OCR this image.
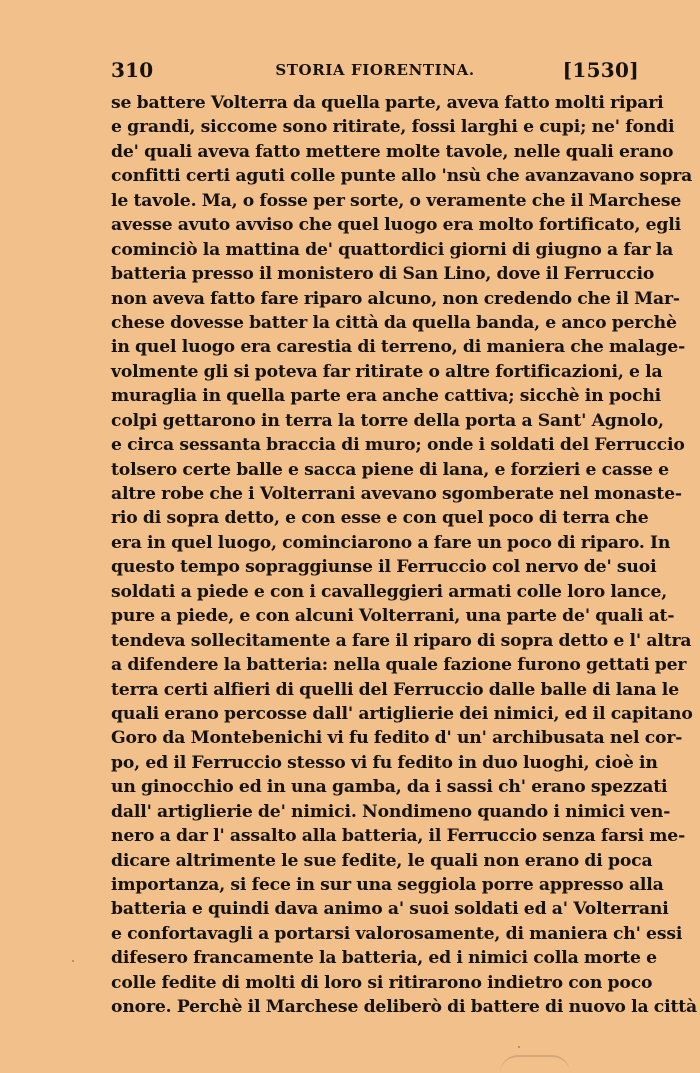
310	STORIA FIORENTINA.	[1530]
se battere Volterra da quella parte, aveva fatto molti ripari
e grandi, siccome sono ritirate, fossi larghi e cupi; ne' fondi
de' quali aveva fatto mettere molte tavole, nelle quali erano
confitti certi aguti colle punte allo 'nsù che avanzavano sopra
le tavole. Ma, o fosse per sorte, o veramente che il Marchese
avesse avuto avviso che quel luogo era molto fortificato, egli
cominciò la mattina de' quattordici giorni di giugno a far la
batteria presso il monistero di San Lino, dove il Ferruccio
non aveva fatto fare riparo alcuno, non credendo che il Mar-
chese dovesse batter la città da quella banda, e anco perchè
in quel luogo era carestia di terreno, di maniera che malage-
volmente gli si poteva far ritirate o altre fortificazioni, e la
muraglia in quella parte era anche cattiva; sicchè in pochi
colpi gettarono in terra la torre della porta a Sant' Agnolo,
e circa sessanta braccia di muro; onde i soldati del Ferruccio
tolsero certe balle e sacca piene di lana, e forzieri e casse e
altre robe che i Volterrani avevano sgomberate nel monaste-
rio di sopra detto, e con esse e con quel poco di terra che
era in quel luogo, cominciarono a fare un poco di riparo. In
questo tempo sopraggiunse il Ferruccio col nervo de' suoi
soldati a piede e con i cavalleggieri armati colle loro lance,
pure a piede, e con alcuni Volterrani, una parte de' quali at-
tendeva sollecitamente a fare il riparo di sopra detto e l' altra
a difendere la batteria: nella quale fazione furono gettati per
terra certi alfieri di quelli del Ferruccio dalle balle di lana le
quali erano percosse dall' artiglierie dei nimici, ed il capitano
Goro da Montebenichi vi fu fedito d' un' archibusata nel cor-
po, ed il Ferruccio stesso vi fu fedito in duo luoghi, cioè in
un ginocchio ed in una gamba, da i sassi ch' erano spezzati
dall' artiglierie de' nimici. Nondimeno quando i nimici ven-
nero a dar l' assalto alla batteria, il Ferruccio senza farsi me-
dicare altrimente le sue fedite, le quali non erano di poca
importanza, si fece in sur una seggiola porre appresso alla
batteria e quindi dava animo a' suoi soldati ed a' Volterrani
e confortavagli a portarsi valorosamente, di maniera ch' essi
difesero francamente la batteria, ed i nimici colla morte e
colle fedite di molti di loro si ritirarono indietro con poco
onore. Perchè il Marchese deliberò di battere di nuovo la città
